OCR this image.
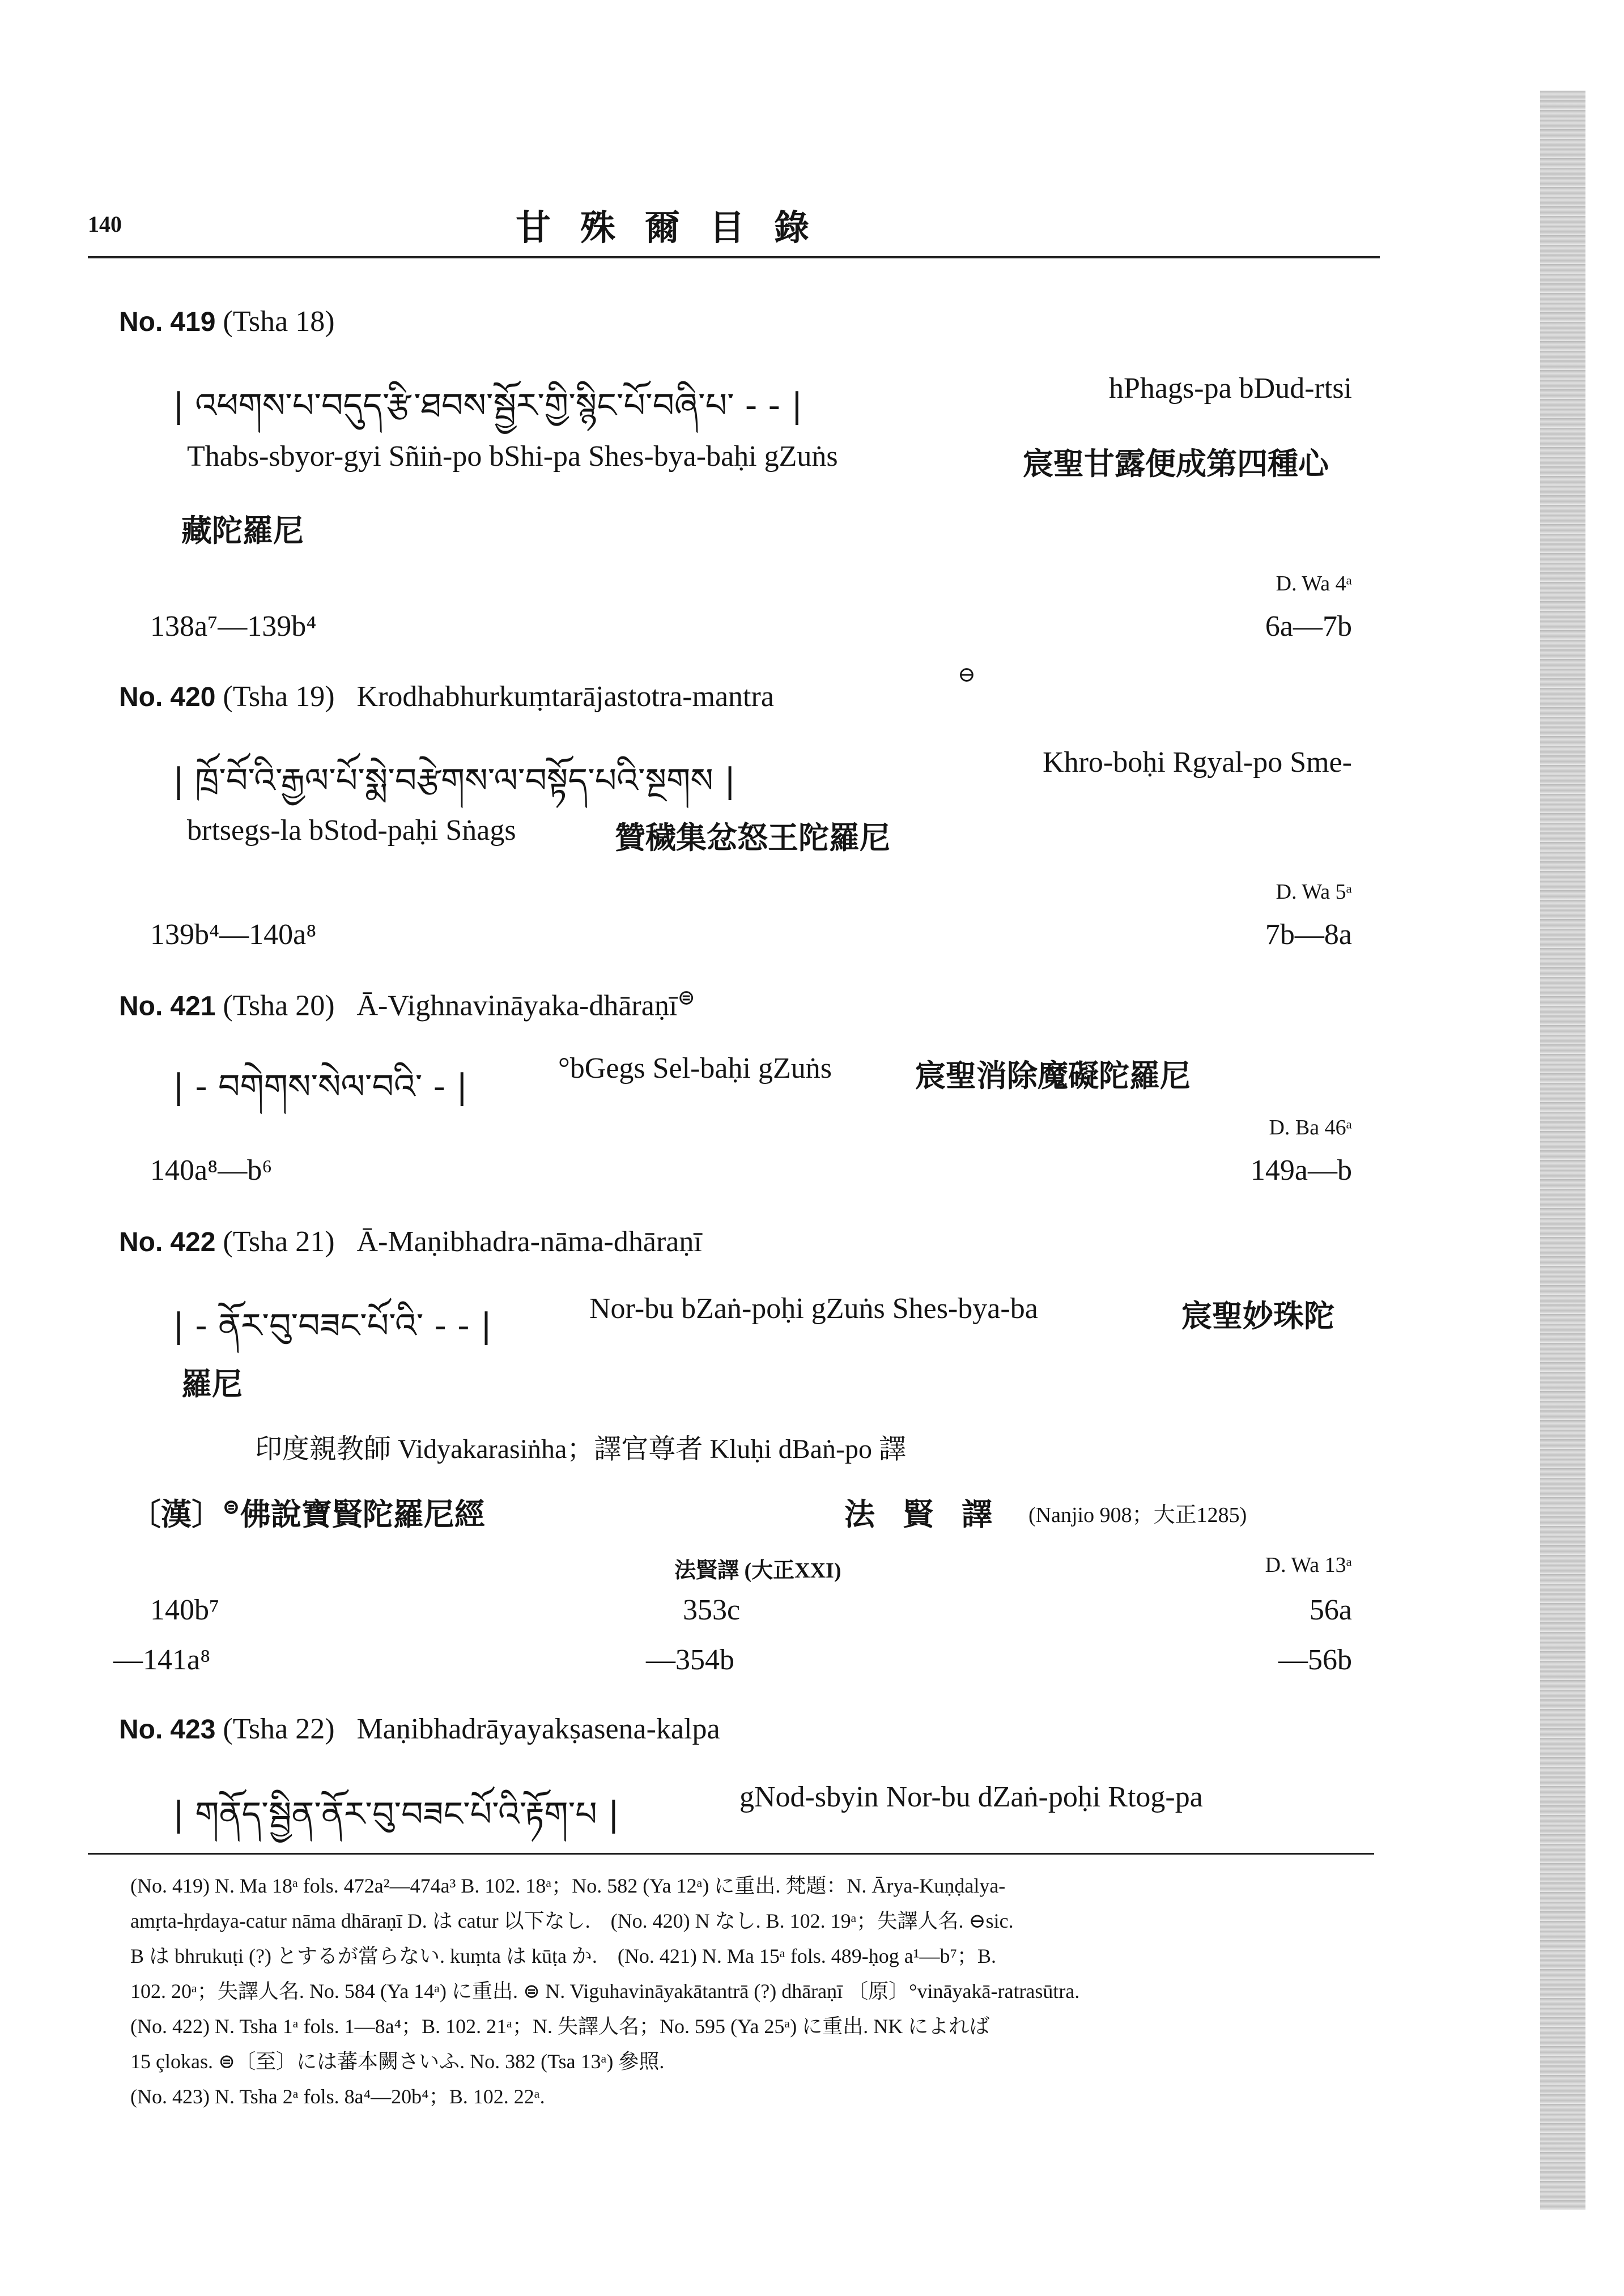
140	甘殊爾目錄
No. 419 (Tsha 18)
| འཕགས་པ་བདུད་རྩི་ཐབས་སྦྱོར་གྱི་སྙིང་པོ་བཞི་པ་ - - |	hPhags-pa bDud-rtsi
Thabs-sbyor-gyi Sñiṅ-po bShi-pa Shes-bya-baḥi gZuṅs	宸聖甘露便成第四種心
藏陀羅尼
D. Wa 4ᵃ
138a⁷—139b⁴	6a—7b
⊖
No. 420 (Tsha 19) Krodhabhurkuṃtarājastotra-mantra
| ཁྲོ་བོ་འི་རྒྱལ་པོ་སྨེ་བརྩེགས་ལ་བསྟོད་པའི་སྔགས |	Khro-boḥi Rgyal-po Sme-
brtsegs-la bStod-paḥi Sṅags	贊穢集忿怒王陀羅尼
D. Wa 5ᵃ
139b⁴—140a⁸	7b—8a
No. 421 (Tsha 20) Ā-Vighnavināyaka-dhāraṇī⊜
| - བགེགས་སེལ་བའི་ - |	°bGegs Sel-baḥi gZuṅs	宸聖消除魔礙陀羅尼
D. Ba 46ᵃ
140a⁸—b⁶	149a—b
No. 422 (Tsha 21) Ā-Maṇibhadra-nāma-dhāraṇī
| - ནོར་བུ་བཟང་པོ་འི་ - - |	Nor-bu bZaṅ-poḥi gZuṅs Shes-bya-ba	宸聖妙珠陀
羅尼
印度親教師 Vidyakarasiṅha；譯官尊者 Kluḥi dBaṅ-po 譯
〔漢〕⊜佛說寶賢陀羅尼經	法 賢 譯 (Nanjio 908；大正1285)
法賢譯 (大正XXI)	D. Wa 13ᵃ
140b⁷	353c	56a
—141a⁸	—354b	—56b
No. 423 (Tsha 22) Maṇibhadrāyayakṣasena-kalpa
| གནོད་སྦྱིན་ནོར་བུ་བཟང་པོ་འི་རྟོག་པ |	gNod-sbyin Nor-bu dZaṅ-poḥi Rtog-pa
(No. 419) N. Ma 18ᵃ fols. 472a²—474a³ B. 102. 18ᵃ；No. 582 (Ya 12ᵃ) に重出. 梵題：N. Ārya-Kuṇḍalya-
amṛta-hṛdaya-catur nāma dhāraṇī D. は catur 以下なし.　(No. 420) N なし. B. 102. 19ᵃ；失譯人名. ⊖sic.
B は bhrukuṭi (?) とするが當らない. kuṃta は kūṭa か.　(No. 421) N. Ma 15ᵃ fols. 489-ḥog a¹—b⁷；B.
102. 20ᵃ；失譯人名. No. 584 (Ya 14ᵃ) に重出. ⊜ N. Viguhavināyakātantrā (?) dhāraṇī 〔原〕°vināyakā-ratrasūtra.
(No. 422) N. Tsha 1ᵃ fols. 1—8a⁴；B. 102. 21ᵃ；N. 失譯人名；No. 595 (Ya 25ᵃ) に重出. NK によれば
15 çlokas. ⊜〔至〕には蕃本闕さいふ. No. 382 (Tsa 13ᵃ) 參照.
(No. 423) N. Tsha 2ᵃ fols. 8a⁴—20b⁴；B. 102. 22ᵃ.
